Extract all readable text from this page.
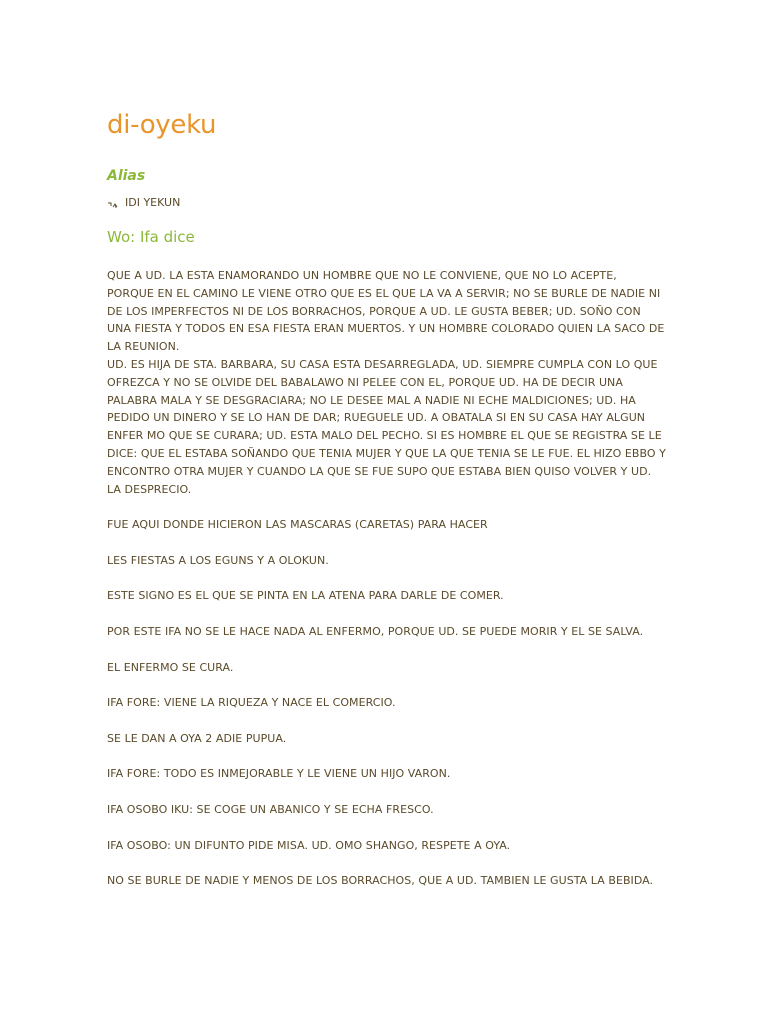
di-oyeku
Alias
IDI YEKUN
Wo: Ifa dice

QUE A UD. LA ESTA ENAMORANDO UN HOMBRE QUE NO LE CONVIENE, QUE NO LO ACEPTE, PORQUE EN EL CAMINO LE VIENE OTRO QUE ES EL QUE LA VA A SERVIR; NO SE BURLE DE NADIE NI DE LOS IMPERFECTOS NI DE LOS BORRACHOS, PORQUE A UD. LE GUSTA BEBER; UD. SOÑO CON UNA FIESTA Y TODOS EN ESA FIESTA ERAN MUERTOS. Y UN HOMBRE COLORADO QUIEN LA SACO DE LA REUNION.

UD. ES HIJA DE STA. BARBARA, SU CASA ESTA DESARREGLADA, UD. SIEMPRE CUMPLA CON LO QUE OFREZCA Y NO SE OLVIDE DEL BABALAWO NI PELEE CON EL, PORQUE UD. HA DE DECIR UNA PALABRA MALA Y SE DESGRACIARA; NO LE DESEE MAL A NADIE NI ECHE MALDICIONES; UD. HA PEDIDO UN DINERO Y SE LO HAN DE DAR; RUEGUELE UD. A OBATALA SI EN SU CASA HAY ALGUN ENFER MO QUE SE CURARA; UD. ESTA MALO DEL PECHO. SI ES HOMBRE EL QUE SE REGISTRA SE LE DICE: QUE EL ESTABA SOÑANDO QUE TENIA MUJER Y QUE LA QUE TENIA SE LE FUE. EL HIZO EBBO Y ENCONTRO OTRA MUJER Y CUANDO LA QUE SE FUE SUPO QUE ESTABA BIEN QUISO VOLVER Y UD. LA DESPRECIO.

FUE AQUI DONDE HICIERON LAS MASCARAS (CARETAS) PARA HACER

LES FIESTAS A LOS EGUNS Y A OLOKUN.

ESTE SIGNO ES EL QUE SE PINTA EN LA ATENA PARA DARLE DE COMER.

POR ESTE IFA NO SE LE HACE NADA AL ENFERMO, PORQUE UD. SE PUEDE MORIR Y EL SE SALVA.

EL ENFERMO SE CURA.

IFA FORE: VIENE LA RIQUEZA Y NACE EL COMERCIO.

SE LE DAN A OYA 2 ADIE PUPUA.

IFA FORE: TODO ES INMEJORABLE Y LE VIENE UN HIJO VARON.

IFA OSOBO IKU: SE COGE UN ABANICO Y SE ECHA FRESCO.

IFA OSOBO: UN DIFUNTO PIDE MISA. UD. OMO SHANGO, RESPETE A OYA.

NO SE BURLE DE NADIE Y MENOS DE LOS BORRACHOS, QUE A UD. TAMBIEN LE GUSTA LA BEBIDA.
